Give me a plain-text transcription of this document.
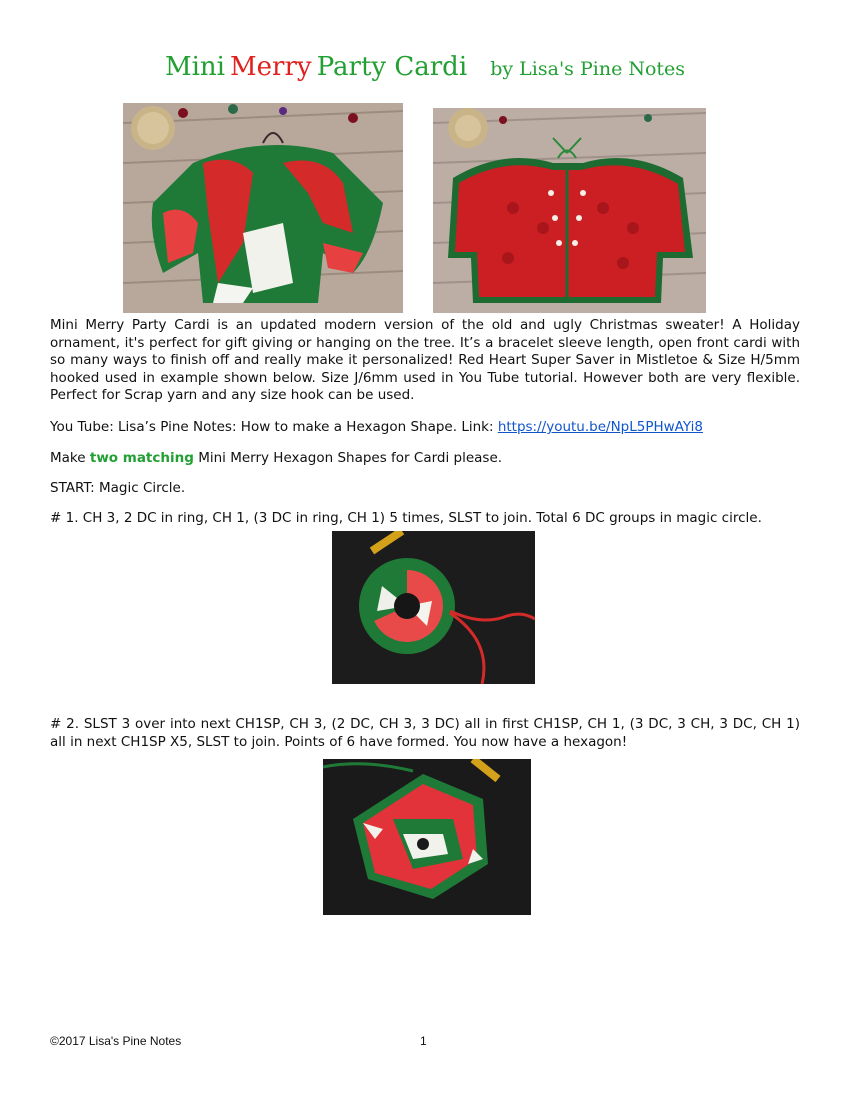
Mini Merry Party Cardi by Lisa's Pine Notes

Mini Merry Party Cardi is an updated modern version of the old and ugly Christmas sweater! A Holiday ornament, it's perfect for gift giving or hanging on the tree. It’s a bracelet sleeve length, open front cardi with so many ways to finish off and really make it personalized! Red Heart Super Saver in Mistletoe & Size H/5mm hooked used in example shown below. Size J/6mm used in You Tube tutorial. However both are very flexible. Perfect for Scrap yarn and any size hook can be used.

You Tube: Lisa’s Pine Notes: How to make a Hexagon Shape. Link: https://youtu.be/NpL5PHwAYi8

Make two matching Mini Merry Hexagon Shapes for Cardi please.

START: Magic Circle.

# 1. CH 3, 2 DC in ring, CH 1, (3 DC in ring, CH 1) 5 times, SLST to join. Total 6 DC groups in magic circle.

# 2. SLST 3 over into next CH1SP, CH 3, (2 DC, CH 3, 3 DC) all in first CH1SP, CH 1, (3 DC, 3 CH, 3 DC, CH 1) all in next CH1SP X5, SLST to join. Points of 6 have formed. You now have a hexagon!

©2017 Lisa's Pine Notes	1
